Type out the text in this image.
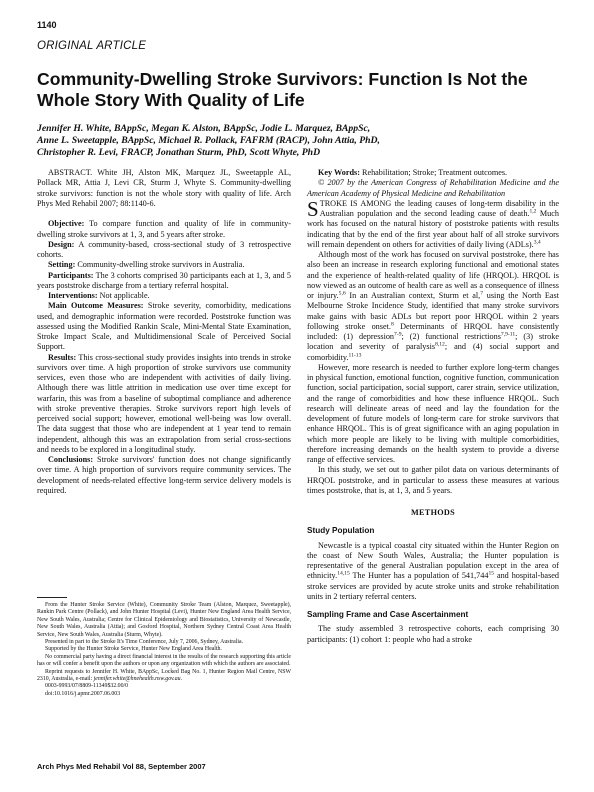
1140
ORIGINAL ARTICLE
Community-Dwelling Stroke Survivors: Function Is Not the Whole Story With Quality of Life
Jennifer H. White, BAppSc, Megan K. Alston, BAppSc, Jodie L. Marquez, BAppSc,
Anne L. Sweetapple, BAppSc, Michael R. Pollack, FAFRM (RACP), John Attia, PhD,
Christopher R. Levi, FRACP, Jonathan Sturm, PhD, Scott Whyte, PhD

ABSTRACT. White JH, Alston MK, Marquez JL, Sweetapple AL, Pollack MR, Attia J, Levi CR, Sturm J, Whyte S. Community-dwelling stroke survivors: function is not the whole story with quality of life. Arch Phys Med Rehabil 2007; 88:1140-6.

Objective: To compare function and quality of life in community-dwelling stroke survivors at 1, 3, and 5 years after stroke.

Design: A community-based, cross-sectional study of 3 retrospective cohorts.

Setting: Community-dwelling stroke survivors in Australia.

Participants: The 3 cohorts comprised 30 participants each at 1, 3, and 5 years poststroke discharge from a tertiary referral hospital.

Interventions: Not applicable.

Main Outcome Measures: Stroke severity, comorbidity, medications used, and demographic information were recorded. Poststroke function was assessed using the Modified Rankin Scale, Mini-Mental State Examination, Stroke Impact Scale, and Multidimensional Scale of Perceived Social Support.

Results: This cross-sectional study provides insights into trends in stroke survivors over time. A high proportion of stroke survivors use community services, even those who are independent with activities of daily living. Although there was little attrition in medication use over time except for warfarin, this was from a baseline of suboptimal compliance and adherence with stroke preventive therapies. Stroke survivors report high levels of perceived social support; however, emotional well-being was low overall. The data suggest that those who are independent at 1 year tend to remain independent, although this was an extrapolation from serial cross-sections and needs to be explored in a longitudinal study.

Conclusions: Stroke survivors' function does not change significantly over time. A high proportion of survivors require community services. The development of needs-related effective long-term service delivery models is required.

From the Hunter Stroke Service (White), Community Stroke Team (Alston, Marquez, Sweetapple), Rankin Park Centre (Pollack), and John Hunter Hospital (Levi), Hunter New England Area Health Service, New South Wales, Australia; Centre for Clinical Epidemiology and Biostatistics, University of Newcastle, New South Wales, Australia (Attia); and Gosford Hospital, Northern Sydney Central Coast Area Health Service, New South Wales, Australia (Sturm, Whyte).

Presented in part to the Stroke It's Time Conference, July 7, 2006, Sydney, Australia.

Supported by the Hunter Stroke Service, Hunter New England Area Health.

No commercial party having a direct financial interest in the results of the research supporting this article has or will confer a benefit upon the authors or upon any organization with which the authors are associated.

Reprint requests to Jennifer H. White, BAppSc, Locked Bag No. 1, Hunter Region Mail Centre, NSW 2310, Australia, e-mail: jennifer.white@hnehealth.nsw.gov.au.

0003-9993/07/8809-11349$32.00/0

doi:10.1016/j.apmr.2007.06.003

Key Words: Rehabilitation; Stroke; Treatment outcomes.

© 2007 by the American Congress of Rehabilitation Medicine and the American Academy of Physical Medicine and Rehabilitation

STROKE IS AMONG the leading causes of long-term disability in the Australian population and the second leading cause of death.$^{1,2}$ Much work has focused on the natural history of poststroke patients with results indicating that by the end of the first year about half of all stroke survivors will remain dependent on others for activities of daily living (ADLs).$^{3,4}$

Although most of the work has focused on survival poststroke, there has also been an increase in research exploring functional and emotional states and the experience of health-related quality of life (HRQOL). HRQOL is now viewed as an outcome of health care as well as a consequence of illness or injury.$^{5,6}$ In an Australian context, Sturm et al,$^7$ using the North East Melbourne Stroke Incidence Study, identified that many stroke survivors make gains with basic ADLs but report poor HRQOL within 2 years following stroke onset.$^8$ Determinants of HRQOL have consistently included: (1) depression$^{7-9}$; (2) functional restrictions$^{7,9-11}$; (3) stroke location and severity of paralysis$^{8,12}$; and (4) social support and comorbidity.$^{11-13}$

However, more research is needed to further explore long-term changes in physical function, emotional function, cognitive function, communication function, social participation, social support, carer strain, service utilization, and the range of comorbidities and how these influence HRQOL. Such research will delineate areas of need and lay the foundation for the development of future models of long-term care for stroke survivors that enhance HRQOL. This is of great significance with an aging population in which more people are likely to be living with multiple comorbidities, therefore increasing demands on the health system to provide a diverse range of effective services.

In this study, we set out to gather pilot data on various determinants of HRQOL poststroke, and in particular to assess these measures at various times poststroke, that is, at 1, 3, and 5 years.

METHODS

Study Population

Newcastle is a typical coastal city situated within the Hunter Region on the coast of New South Wales, Australia; the Hunter population is representative of the general Australian population except in the area of ethnicity.$^{14,15}$ The Hunter has a population of 541,744$^{15}$ and hospital-based stroke services are provided by acute stroke units and stroke rehabilitation units in 2 tertiary referral centers.

Sampling Frame and Case Ascertainment

The study assembled 3 retrospective cohorts, each comprising 30 participants: (1) cohort 1: people who had a stroke

Arch Phys Med Rehabil Vol 88, September 2007
